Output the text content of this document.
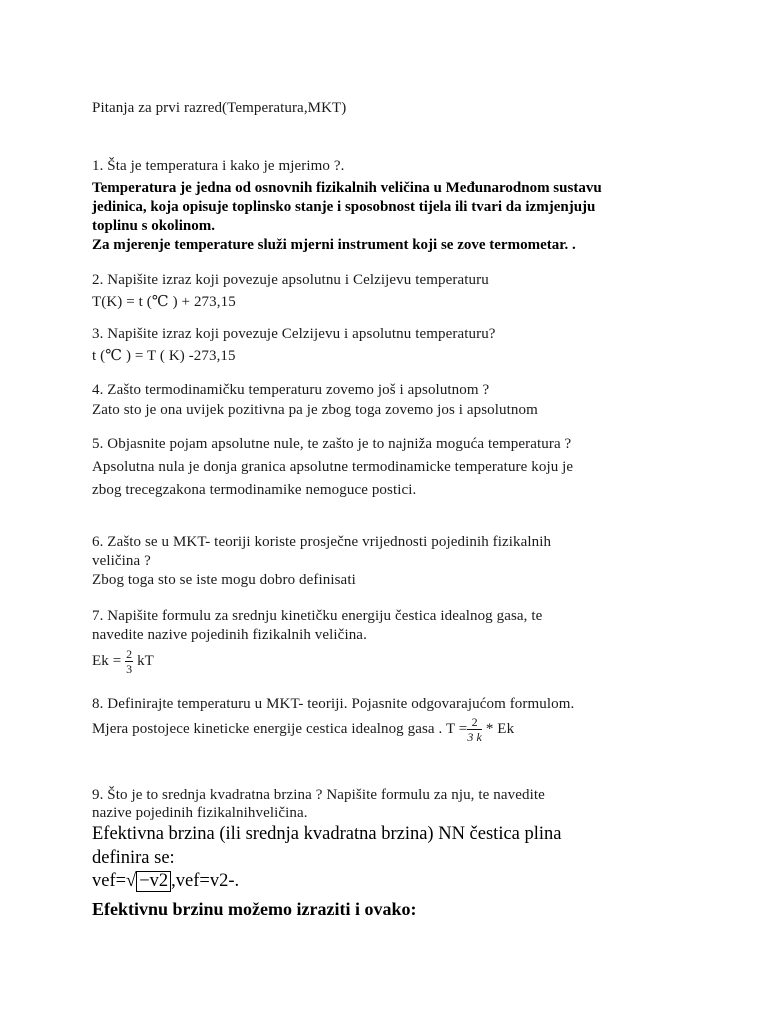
Pitanja za prvi razred(Temperatura,MKT)
1. Šta je temperatura i kako je mjerimo ?.
Temperatura je jedna od osnovnih fizikalnih veličina u Međunarodnom sustavu
jedinica, koja opisuje toplinsko stanje i sposobnost tijela ili tvari da izmjenjuju
toplinu s okolinom.
Za mjerenje temperature služi mjerni instrument koji se zove termometar. .
2. Napišite izraz koji povezuje apsolutnu i Celzijevu temperaturu
T(K) = t (℃ ) + 273,15
3. Napišite izraz koji povezuje Celzijevu i apsolutnu temperaturu?
t (℃ ) = T ( K) -273,15
4. Zašto termodinamičku temperaturu zovemo još i apsolutnom ?
Zato sto je ona uvijek pozitivna pa je zbog toga zovemo jos i apsolutnom
5. Objasnite pojam apsolutne nule, te zašto je to najniža moguća temperatura ?
Apsolutna nula je donja granica apsolutne termodinamicke temperature koju je
zbog trecegzakona termodinamike nemoguce postici.
6. Zašto se u MKT- teoriji koriste prosječne vrijednosti pojedinih fizikalnih
veličina ?
Zbog toga sto se iste mogu dobro definisati
7. Napišite formulu za srednju kinetičku energiju čestica idealnog gasa, te
navedite nazive pojedinih fizikalnih veličina.
$Ek = \frac{2}{3}$ kT
8. Definirajte temperaturu u MKT- teoriji. Pojasnite odgovarajućom formulom.
Mjera postojece kineticke energije cestica idealnog gasa . $T = \frac{2}{3 k} * Ek$
9. Što je to srednja kvadratna brzina ? Napišite formulu za nju, te navedite
nazive pojedinih fizikalnihveličina.
Efektivna brzina (ili srednja kvadratna brzina) NN čestica plina
definira se:
vef=√ −v2 ,vef=v2-.
Efektivnu brzinu možemo izraziti i ovako:
